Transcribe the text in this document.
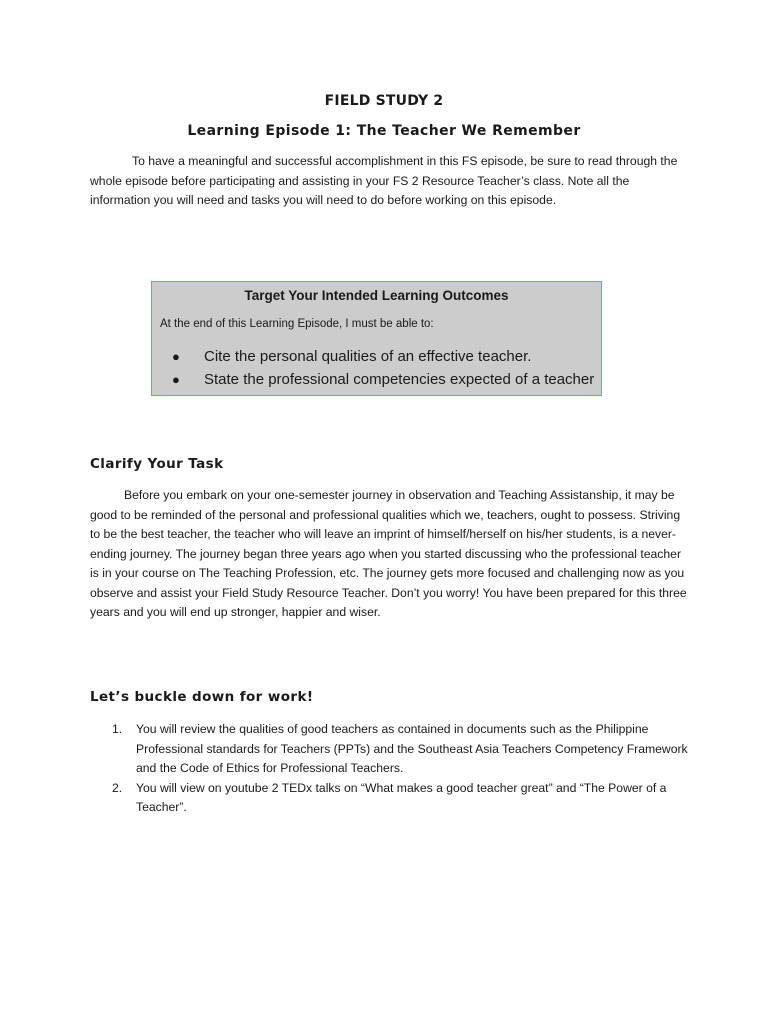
FIELD STUDY 2
Learning Episode 1: The Teacher We Remember

To have a meaningful and successful accomplishment in this FS episode, be sure to read through the whole episode before participating and assisting in your FS 2 Resource Teacher’s class. Note all the information you will need and tasks you will need to do before working on this episode.

Target Your Intended Learning Outcomes

At the end of this Learning Episode, I must be able to:

● Cite the personal qualities of an effective teacher.
● State the professional competencies expected of a teacher
Clarify Your Task

Before you embark on your one-semester journey in observation and Teaching Assistanship, it may be good to be reminded of the personal and professional qualities which we, teachers, ought to possess. Striving to be the best teacher, the teacher who will leave an imprint of himself/herself on his/her students, is a never-ending journey. The journey began three years ago when you started discussing who the professional teacher is in your course on The Teaching Profession, etc. The journey gets more focused and challenging now as you observe and assist your Field Study Resource Teacher. Don’t you worry! You have been prepared for this three years and you will end up stronger, happier and wiser.

Let’s buckle down for work!
1. You will review the qualities of good teachers as contained in documents such as the Philippine Professional standards for Teachers (PPTs) and the Southeast Asia Teachers Competency Framework and the Code of Ethics for Professional Teachers.
2. You will view on youtube 2 TEDx talks on “What makes a good teacher great” and “The Power of a Teacher”.
